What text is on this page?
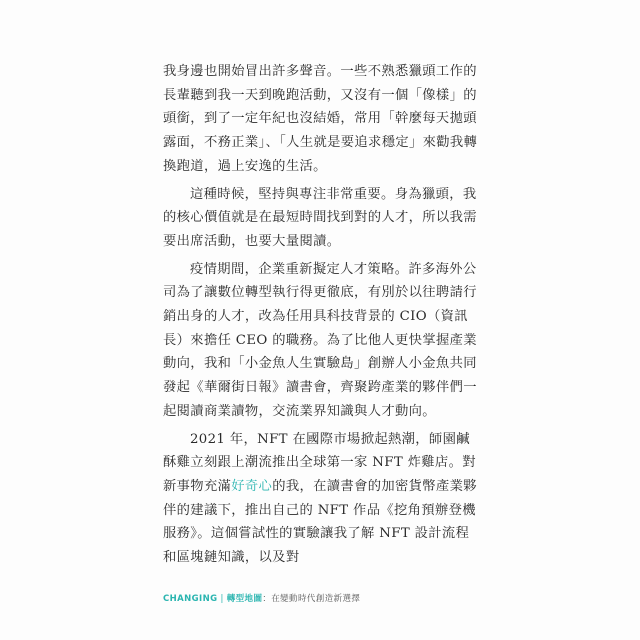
我身邊也開始冒出許多聲音。一些不熟悉獵頭工作的長輩聽到我一天到晚跑活動，又沒有一個「像樣」的頭銜，到了一定年紀也沒結婚，常用「幹麼每天拋頭露面，不務正業」、「人生就是要追求穩定」來勸我轉換跑道，過上安逸的生活。

這種時候，堅持與專注非常重要。身為獵頭，我的核心價值就是在最短時間找到對的人才，所以我需要出席活動，也要大量閱讀。

疫情期間，企業重新擬定人才策略。許多海外公司為了讓數位轉型執行得更徹底，有別於以往聘請行銷出身的人才，改為任用具科技背景的 CIO（資訊長）來擔任 CEO 的職務。為了比他人更快掌握產業動向，我和「小金魚人生實驗島」創辦人小金魚共同發起《華爾街日報》讀書會，齊聚跨產業的夥伴們一起閱讀商業讀物，交流業界知識與人才動向。

2021 年，NFT 在國際市場掀起熱潮，師園鹹酥雞立刻跟上潮流推出全球第一家 NFT 炸雞店。對新事物充滿好奇心的我，在讀書會的加密貨幣產業夥伴的建議下，推出自己的 NFT 作品《挖角預辦登機服務》。這個嘗試性的實驗讓我了解 NFT 設計流程和區塊鏈知識，以及對

CHANGING | 轉型地圖：在變動時代創造新選擇
